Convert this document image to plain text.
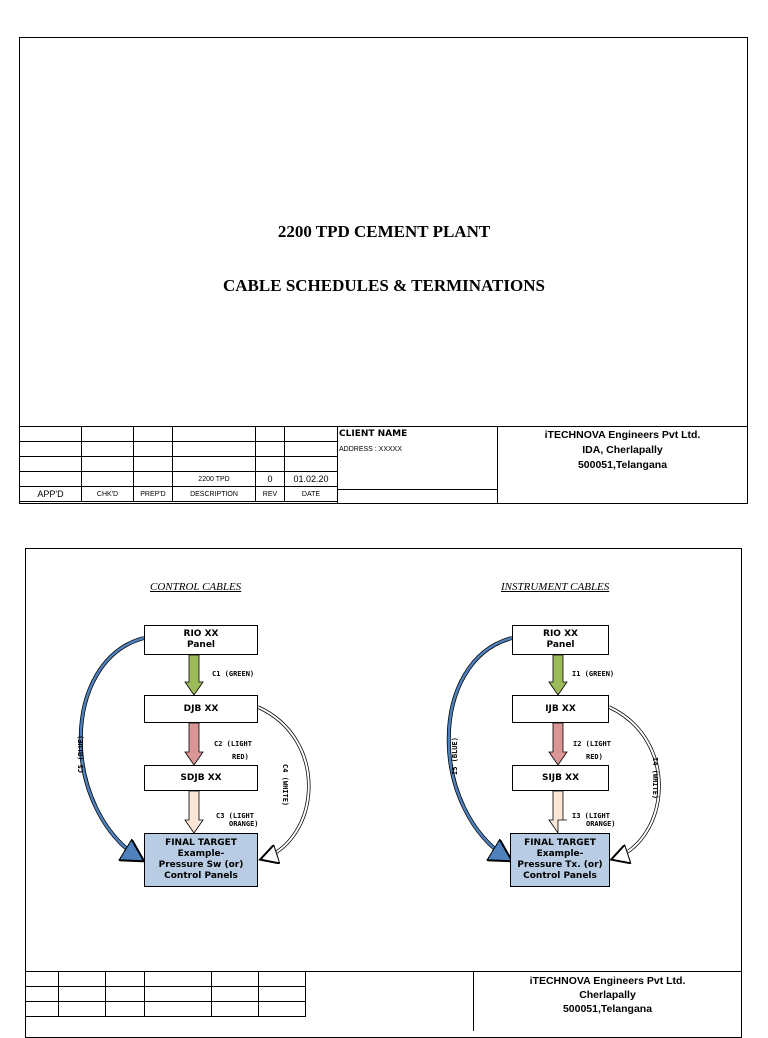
2200 TPD CEMENT PLANT
CABLE SCHEDULES & TERMINATIONS

			2200 TPD	0	01.02.20
APP'D	CHK'D	PREP'D	DESCRIPTION	REV	DATE
CLIENT NAME
ADDRESS : XXXXX
iTECHNOVA Engineers Pvt Ltd.
IDA, Cherlapally
500051,Telangana
CONTROL CABLES	INSTRUMENT CABLES
RIO XX
Panel
DJB XX
SDJB XX
FINAL TARGET
Example-
Pressure Sw (or)
Control Panels
C1 (GREEN)
C2 (LIGHT
RED)
C3 (LIGHT
ORANGE)
C4 (WHITE)
C5 (BLUE)
RIO XX
Panel
IJB XX
SIJB XX
FINAL TARGET
Example-
Pressure Tx. (or)
Control Panels
I1 (GREEN)
I2 (LIGHT
RED)
I3 (LIGHT
ORANGE)
I4 (WHITE)
I5 (BLUE)

iTECHNOVA Engineers Pvt Ltd.
Cherlapally
500051,Telangana
